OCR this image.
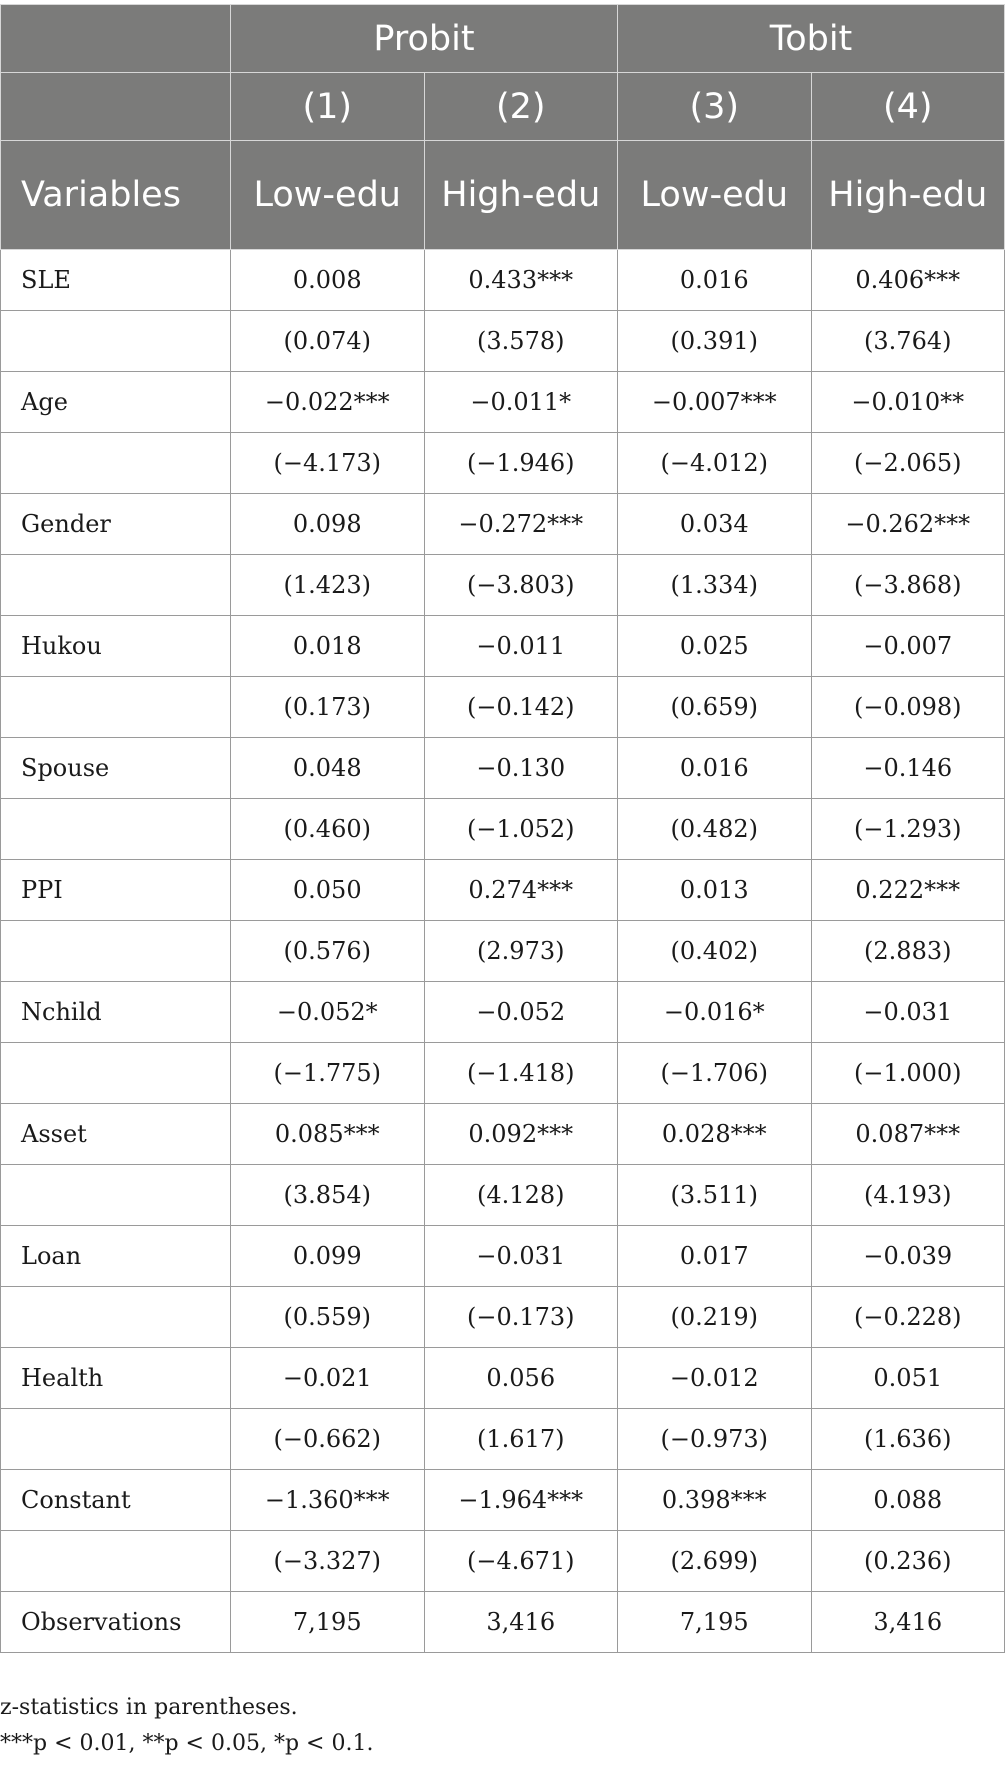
	Probit		Tobit	
	(1)	(2)	(3)	(4)
Variables	Low-edu	High-edu	Low-edu	High-edu
SLE	0.008	0.433***	0.016	0.406***
	(0.074)	(3.578)	(0.391)	(3.764)
Age	−0.022***	−0.011*	−0.007***	−0.010**
	(−4.173)	(−1.946)	(−4.012)	(−2.065)
Gender	0.098	−0.272***	0.034	−0.262***
	(1.423)	(−3.803)	(1.334)	(−3.868)
Hukou	0.018	−0.011	0.025	−0.007
	(0.173)	(−0.142)	(0.659)	(−0.098)
Spouse	0.048	−0.130	0.016	−0.146
	(0.460)	(−1.052)	(0.482)	(−1.293)
PPI	0.050	0.274***	0.013	0.222***
	(0.576)	(2.973)	(0.402)	(2.883)
Nchild	−0.052*	−0.052	−0.016*	−0.031
	(−1.775)	(−1.418)	(−1.706)	(−1.000)
Asset	0.085***	0.092***	0.028***	0.087***
	(3.854)	(4.128)	(3.511)	(4.193)
Loan	0.099	−0.031	0.017	−0.039
	(0.559)	(−0.173)	(0.219)	(−0.228)
Health	−0.021	0.056	−0.012	0.051
	(−0.662)	(1.617)	(−0.973)	(1.636)
Constant	−1.360***	−1.964***	0.398***	0.088
	(−3.327)	(−4.671)	(2.699)	(0.236)
Observations	7,195	3,416	7,195	3,416
z-statistics in parentheses.
***p < 0.01, **p < 0.05, *p < 0.1.
